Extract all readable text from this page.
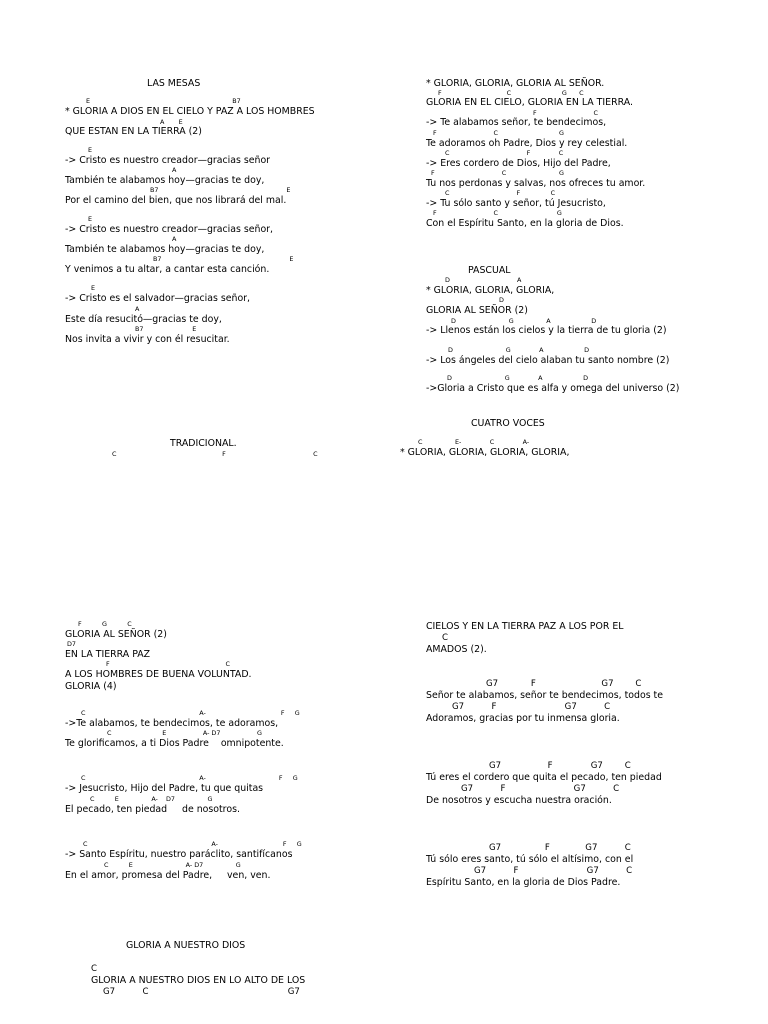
LAS MESAS
E                                                                      B7
* GLORIA A DIOS EN EL CIELO Y PAZ A LOS HOMBRES
A       E
QUE ESTAN EN LA TIERRA (2)
E
-> Cristo es nuestro creador—gracias señor
A
También te alabamos hoy—gracias te doy,
B7                                                               E
Por el camino del bien, que nos librará del mal.
E
-> Cristo es nuestro creador—gracias señor,
A
También te alabamos hoy—gracias te doy,
B7                                                               E
Y venimos a tu altar, a cantar esta canción.
E
-> Cristo es el salvador—gracias señor,
A
Este día resucitó—gracias te doy,
B7                        E
Nos invita a vivir y con él resucitar.
* GLORIA, GLORIA, GLORIA AL SEÑOR.
F                                C                         G      C
GLORIA EN EL CIELO, GLORIA EN LA TIERRA.
-> Te alabamos señor, te bendecimos,
F                            C                              G
F                            C
Te adoramos oh Padre, Dios y rey celestial.
C                                      F              C
-> Eres cordero de Dios, Hijo del Padre,
F                                 C                          G
Tu nos perdonas y salvas, nos ofreces tu amor.
C                                 F               C
-> Tu sólo santo y señor, tú Jesucristo,
F                            C                             G
Con el Espíritu Santo, en la gloria de Dios.
PASCUAL
D                                 A
* GLORIA, GLORIA, GLORIA,
D
GLORIA AL SEÑOR (2)
D                          G                A                    D
-> Llenos están los cielos y la tierra de tu gloria (2)
D                          G              A                    D
-> Los ángeles del cielo alaban tu santo nombre (2)
D                          G              A                    D
->Gloria a Cristo que es alfa y omega del universo (2)
CUATRO VOCES
C                E-              C              A-
* GLORIA, GLORIA, GLORIA, GLORIA,
CIELOS Y EN LA TIERRA PAZ A LOS POR EL
C
AMADOS (2).
G7            F                        G7        C
Señor te alabamos, señor te bendecimos, todos te
G7          F                         G7          C
Adoramos, gracias por tu inmensa gloria.
G7                 F              G7        C
Tú eres el cordero que quita el pecado, ten piedad
G7          F                         G7          C
De nosotros y escucha nuestra oración.
G7                F             G7          C
Tú sólo eres santo, tú sólo el altísimo, con el
G7          F                         G7          C
Espíritu Santo, en la gloria de Dios Padre.
TRADICIONAL.
C                                                    F                                           C
F          G          C
GLORIA AL SEÑOR (2)
D7
EN LA TIERRA PAZ
F                                                         C
A LOS HOMBRES DE BUENA VOLUNTAD.
GLORIA (4)
C                                                        A-                                     F     G
->Te alabamos, te bendecimos, te adoramos,
C                         E                  A- D7                  G
Te glorificamos, a ti Dios Padre    omnipotente.
C                                                        A-                                    F     G
-> Jesucristo, Hijo del Padre, tu que quitas
C          E                A-    D7                G
El pecado, ten piedad     de nosotros.
C                                                             A-                                F     G
-> Santo Espíritu, nuestro paráclito, santifícanos
C          E                          A- D7                G
En el amor, promesa del Padre,     ven, ven.
GLORIA A NUESTRO DIOS
C
GLORIA A NUESTRO DIOS EN LO ALTO DE LOS
G7          C                                                   G7
